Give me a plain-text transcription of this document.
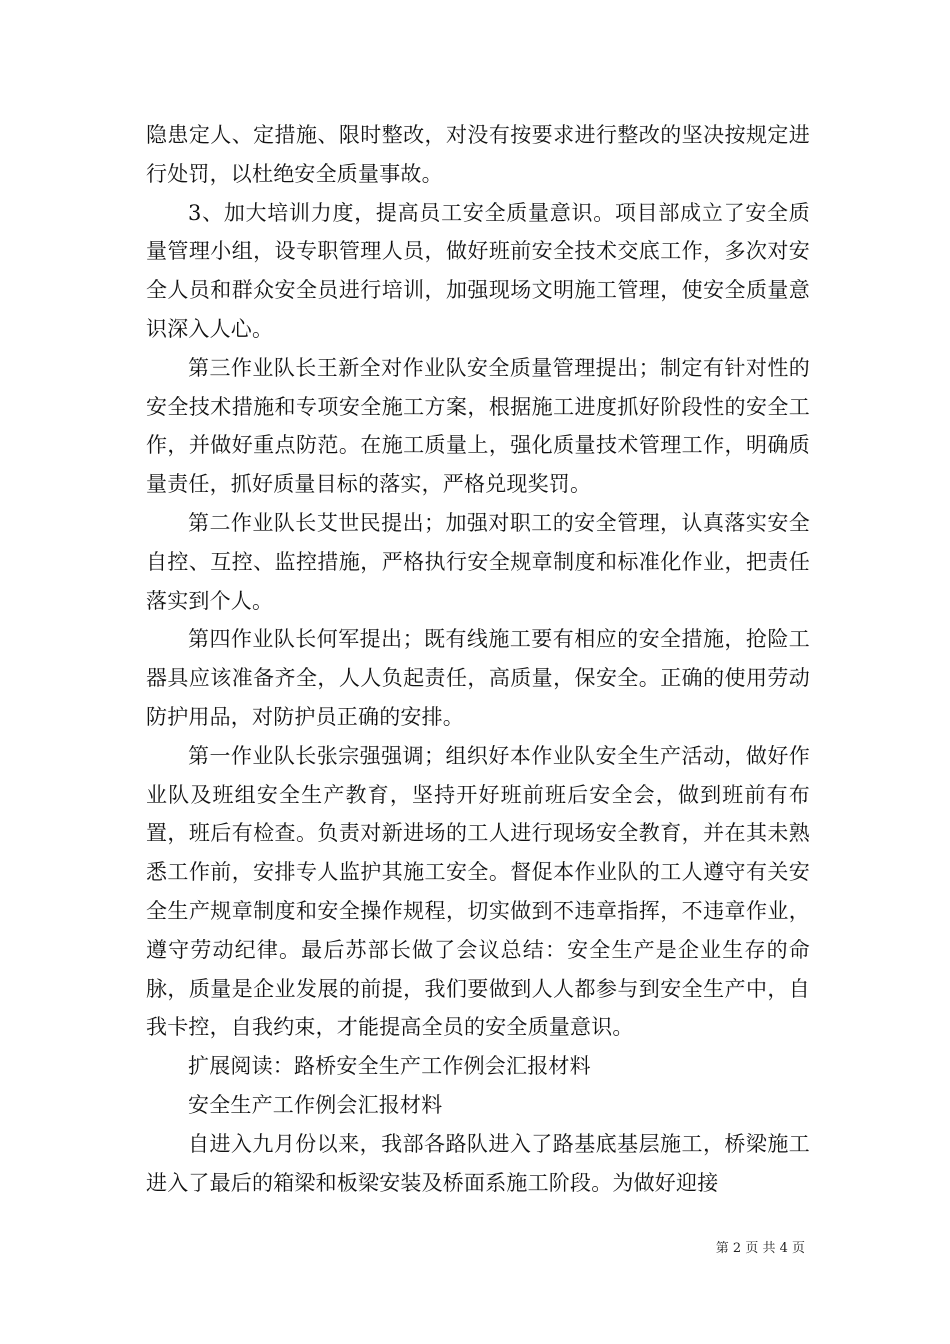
隐患定人、定措施、限时整改，对没有按要求进行整改的坚决按规定进行处罚，以杜绝安全质量事故。

3、加大培训力度，提高员工安全质量意识。项目部成立了安全质量管理小组，设专职管理人员，做好班前安全技术交底工作，多次对安全人员和群众安全员进行培训，加强现场文明施工管理，使安全质量意识深入人心。

第三作业队长王新全对作业队安全质量管理提出；制定有针对性的安全技术措施和专项安全施工方案，根据施工进度抓好阶段性的安全工作，并做好重点防范。在施工质量上，强化质量技术管理工作，明确质量责任，抓好质量目标的落实，严格兑现奖罚。

第二作业队长艾世民提出；加强对职工的安全管理，认真落实安全自控、互控、监控措施，严格执行安全规章制度和标准化作业，把责任落实到个人。

第四作业队长何军提出；既有线施工要有相应的安全措施，抢险工器具应该准备齐全，人人负起责任，高质量，保安全。正确的使用劳动防护用品，对防护员正确的安排。

第一作业队长张宗强强调；组织好本作业队安全生产活动，做好作业队及班组安全生产教育，坚持开好班前班后安全会，做到班前有布置，班后有检查。负责对新进场的工人进行现场安全教育，并在其未熟悉工作前，安排专人监护其施工安全。督促本作业队的工人遵守有关安全生产规章制度和安全操作规程，切实做到不违章指挥，不违章作业，遵守劳动纪律。最后苏部长做了会议总结：安全生产是企业生存的命脉，质量是企业发展的前提，我们要做到人人都参与到安全生产中，自我卡控，自我约束，才能提高全员的安全质量意识。

扩展阅读：路桥安全生产工作例会汇报材料

安全生产工作例会汇报材料

自进入九月份以来，我部各路队进入了路基底基层施工，桥梁施工进入了最后的箱梁和板梁安装及桥面系施工阶段。为做好迎接

第 2 页 共 4 页
